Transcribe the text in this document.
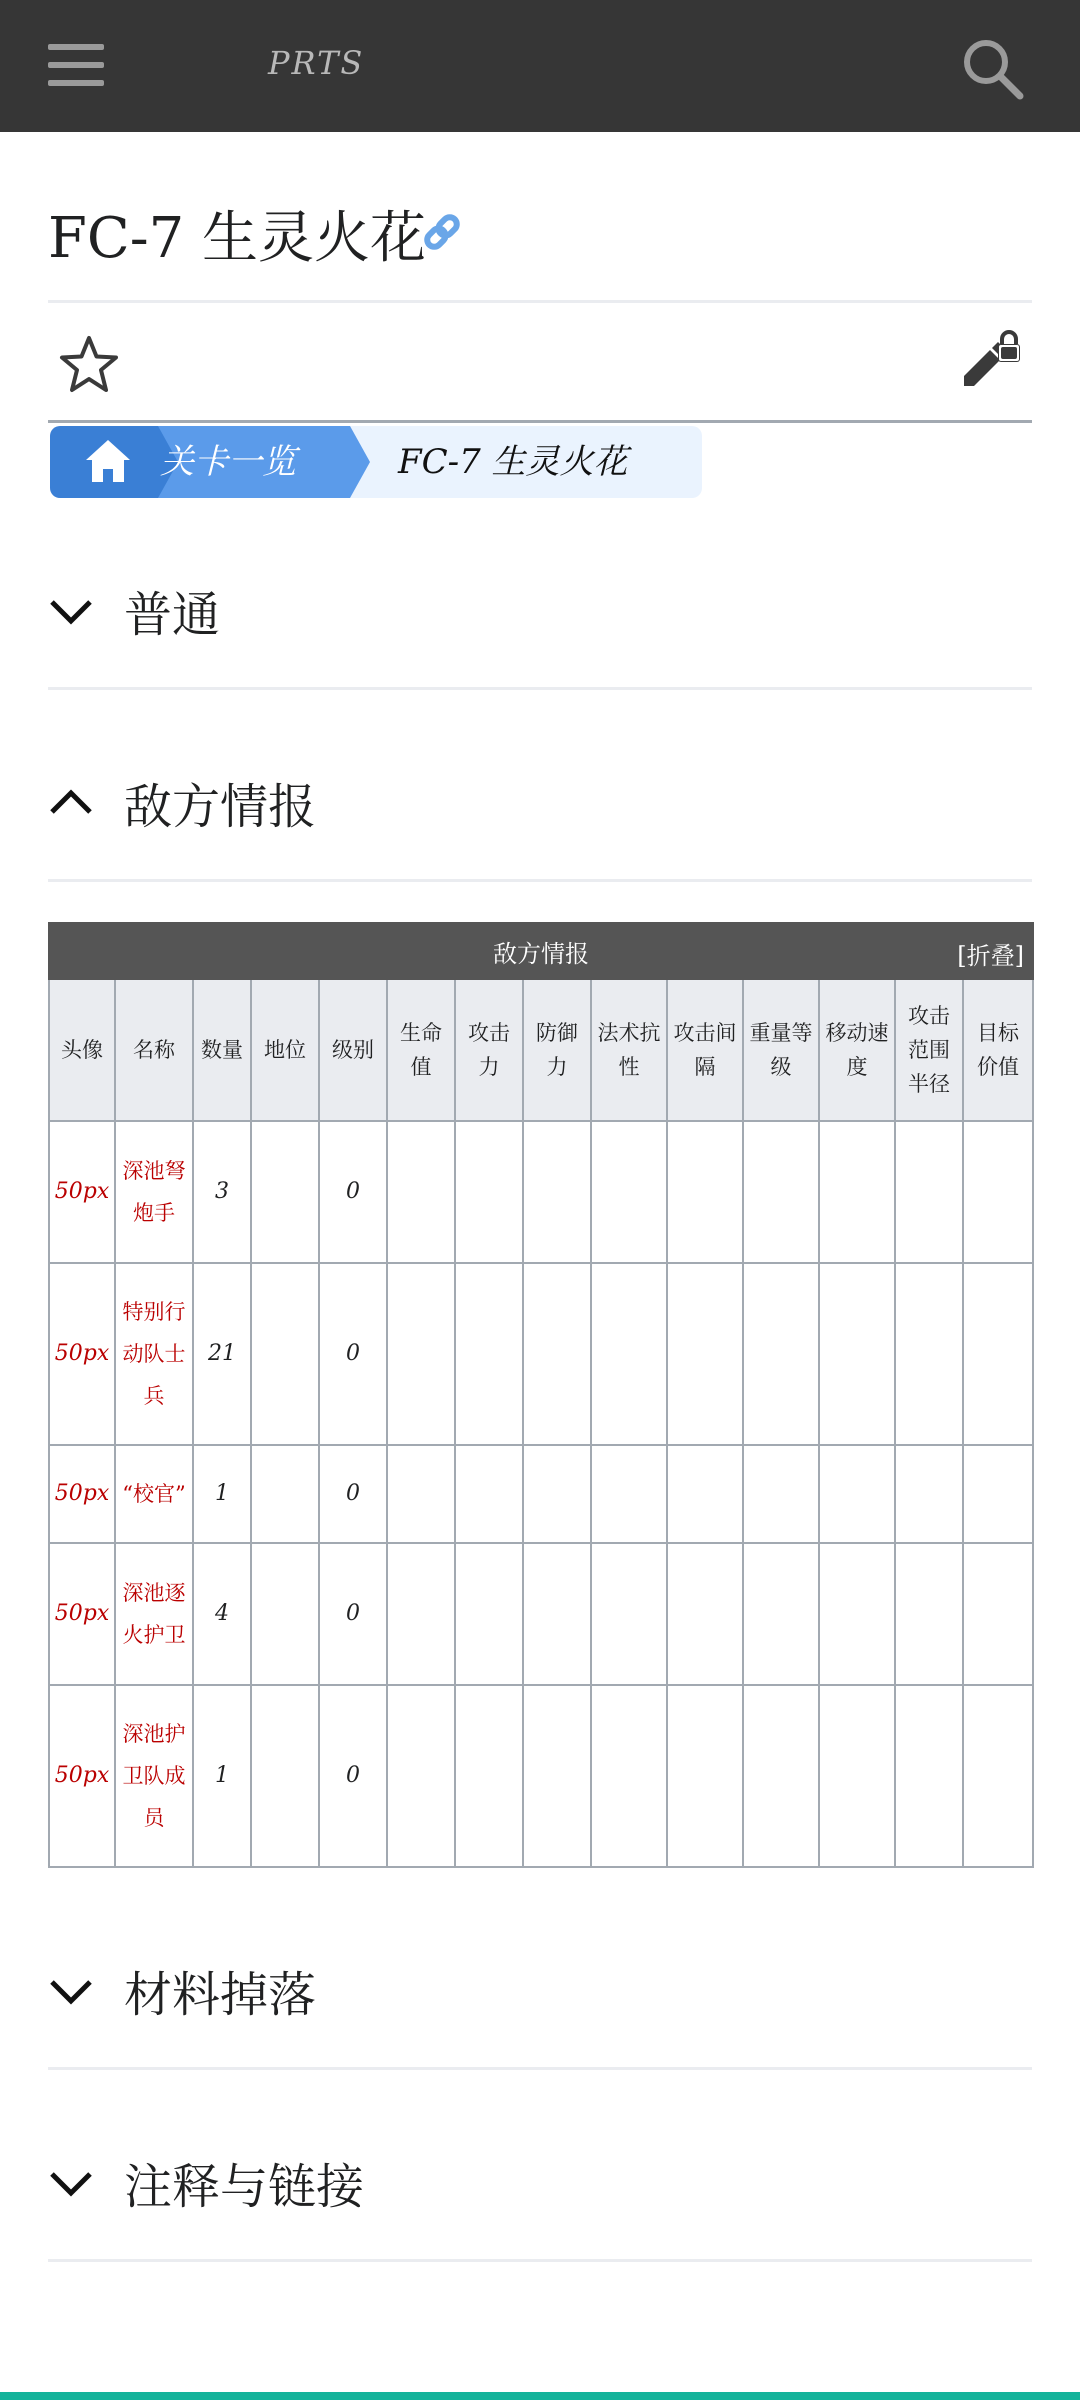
PRTS
FC-7 生灵火花
关卡一览	FC-7 生灵火花
普通
敌方情报
敌方情报 [折叠]													

头像	名称	数量	地位	级别	生命值	攻击力	防御力	法术抗性	攻击间隔	重量等级	移动速度	攻击范围半径	目标价值
50px	深池弩炮手	3		0									
50px	特别行动队士兵	21		0									
50px	“校官”	1		0									
50px	深池逐火护卫	4		0									
50px	深池护卫队成员	1		0									
材料掉落
注释与链接
